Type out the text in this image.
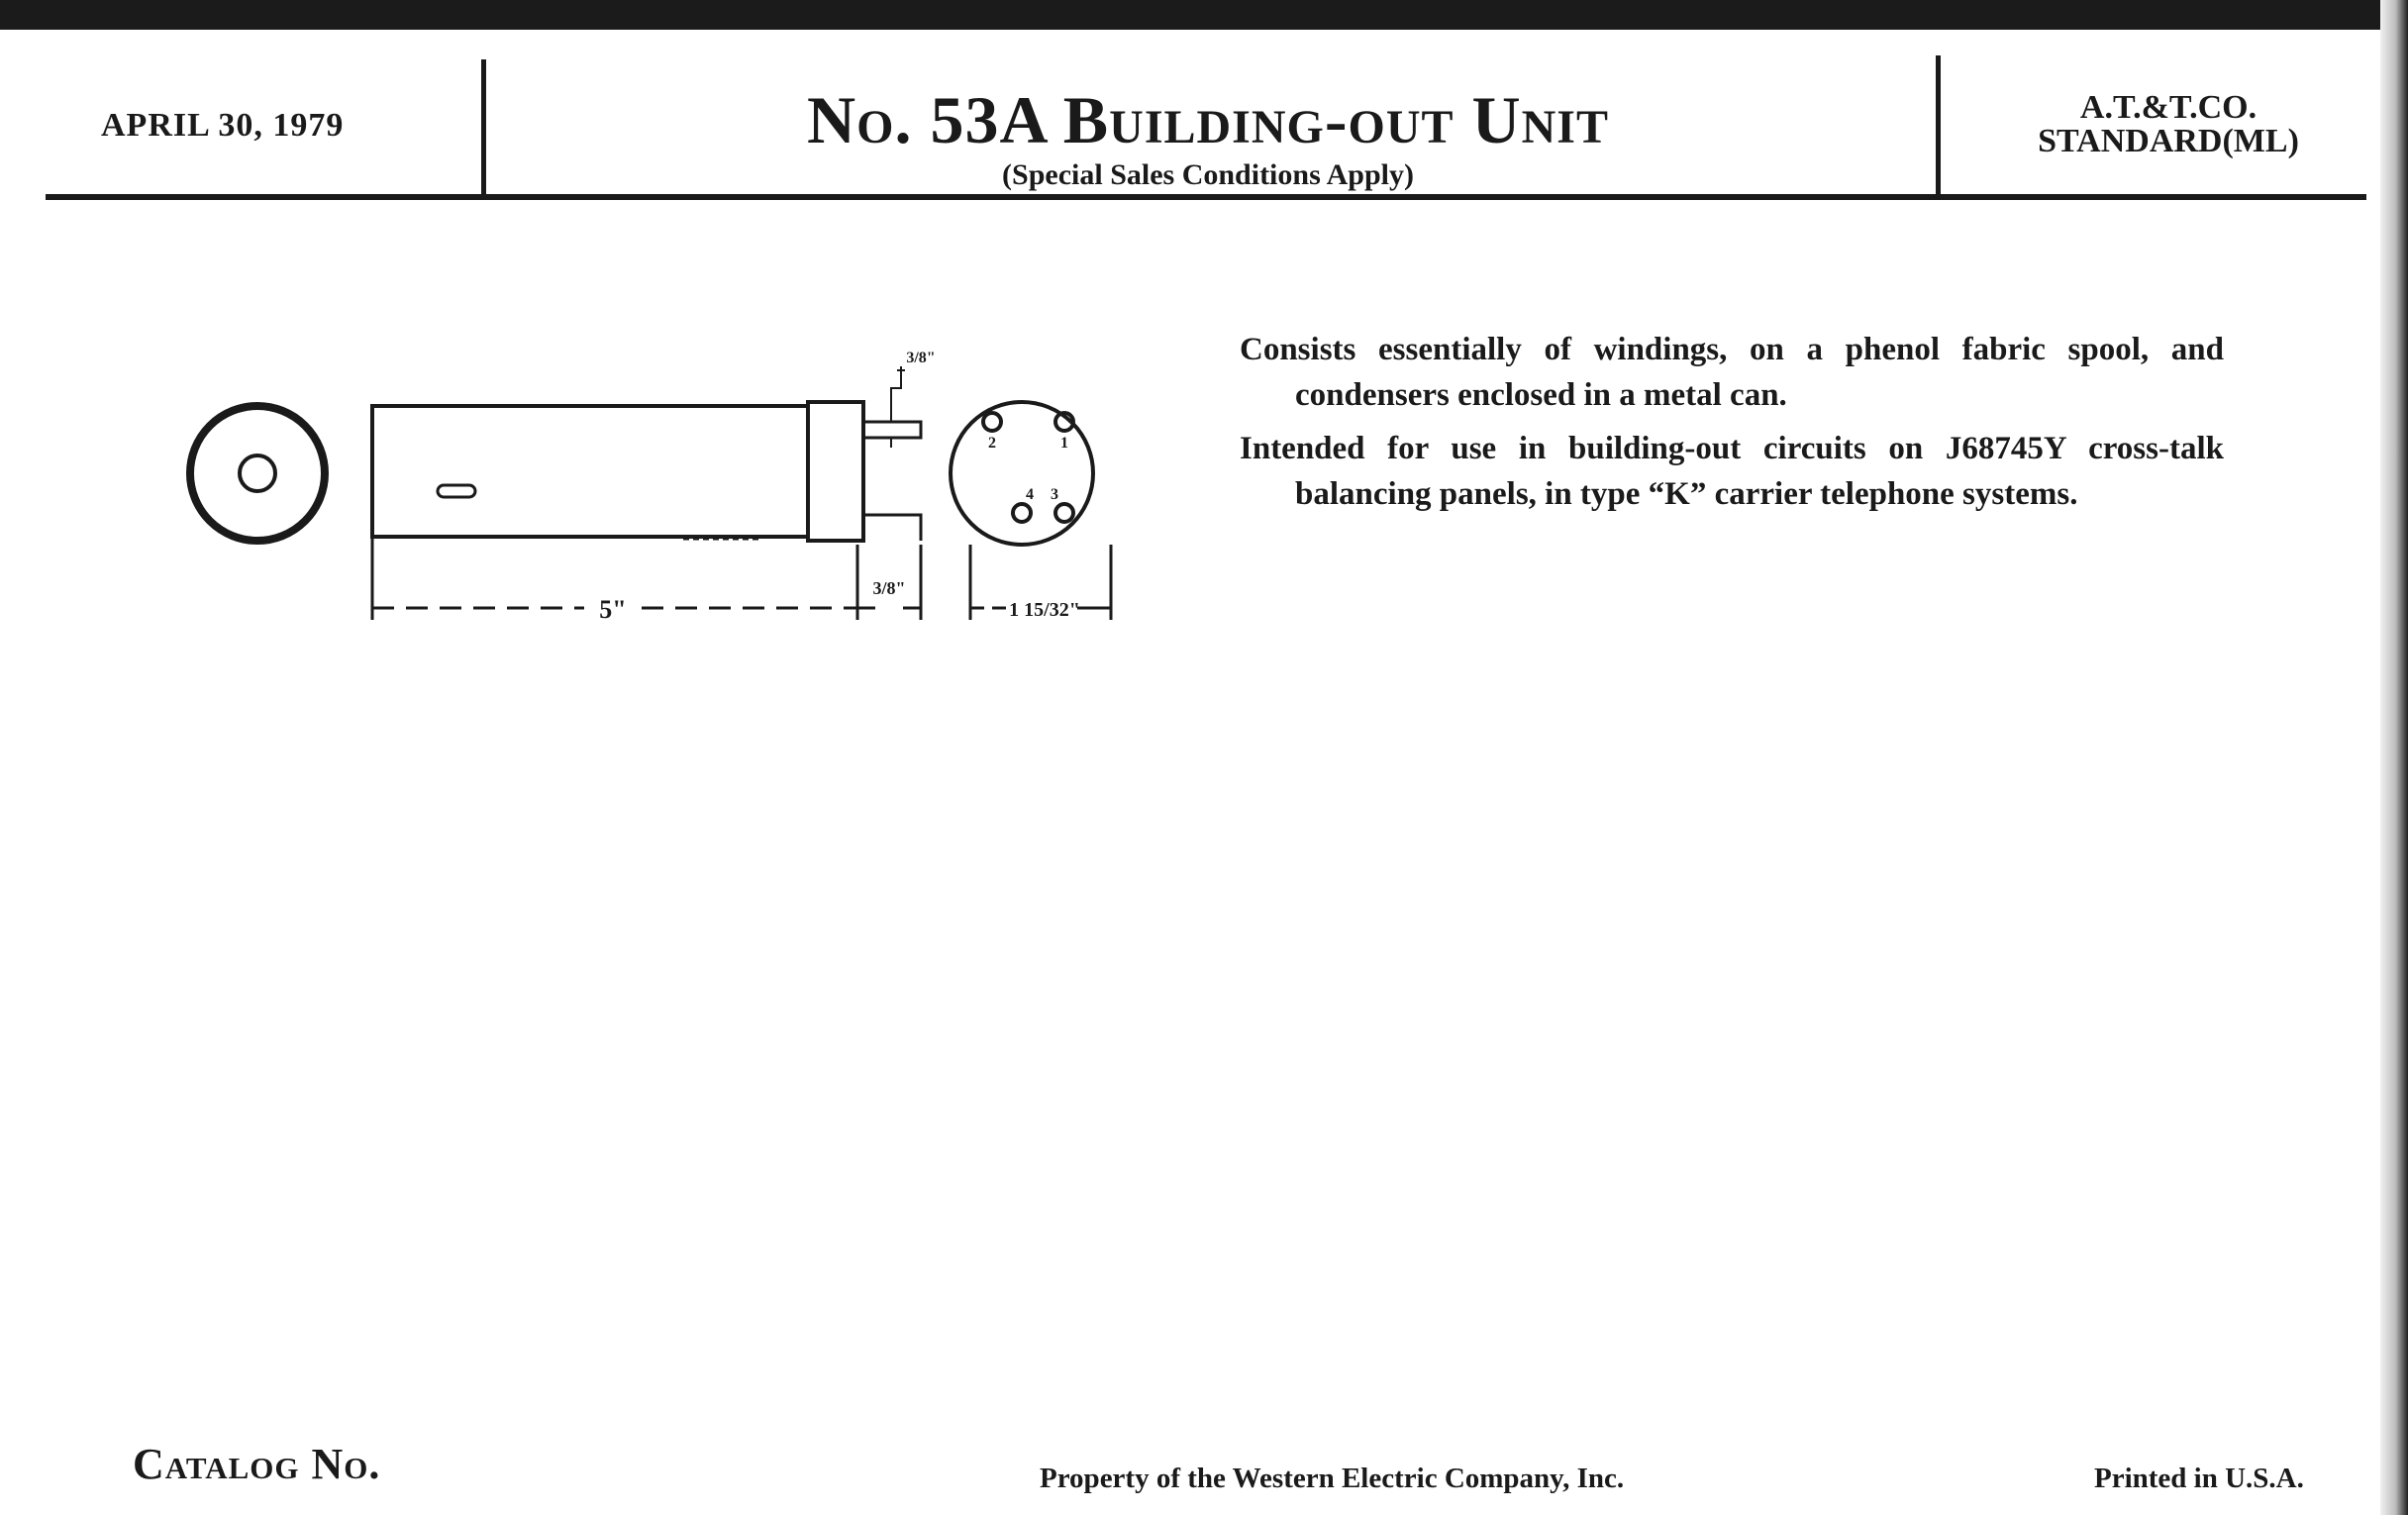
APRIL 30, 1979	No. 53A Building-out Unit
(Special Sales Conditions Apply)
A.T.&T.CO.
STANDARD(ML)
2	1
4 3
5"
3/8"
1 15/32"
3/8"	Consists essentially of windings, on a phenol fabric spool, and condensers enclosed in a metal can.

Intended for use in building-out circuits on J68745Y cross-talk balancing panels, in type “K” carrier telephone systems.

Catalog No.	Property of the Western Electric Company, Inc.	Printed in U.S.A.
